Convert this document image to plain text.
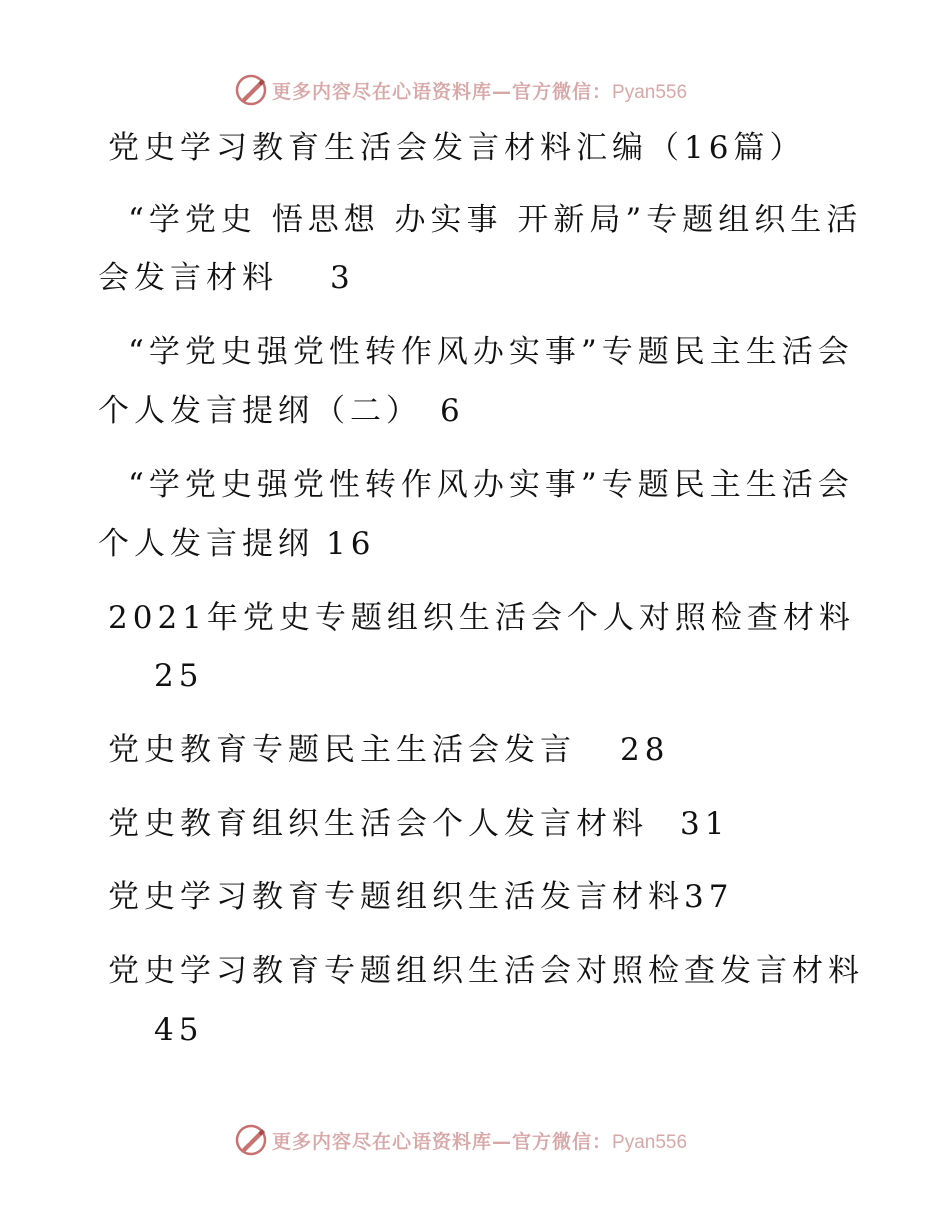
更多内容尽在心语资料库—官方微信：Pyan556
党史学习教育生活会发言材料汇编（16篇）
“学党史 悟思想 办实事 开新局”专题组织生活
会发言材料 3
“学党史强党性转作风办实事”专题民主生活会
个人发言提纲（二） 6
“学党史强党性转作风办实事”专题民主生活会
个人发言提纲 16
2021年党史专题组织生活会个人对照检查材料
25
党史教育专题民主生活会发言 28
党史教育组织生活会个人发言材料 31
党史学习教育专题组织生活发言材料37
党史学习教育专题组织生活会对照检查发言材料
45
更多内容尽在心语资料库—官方微信：Pyan556
